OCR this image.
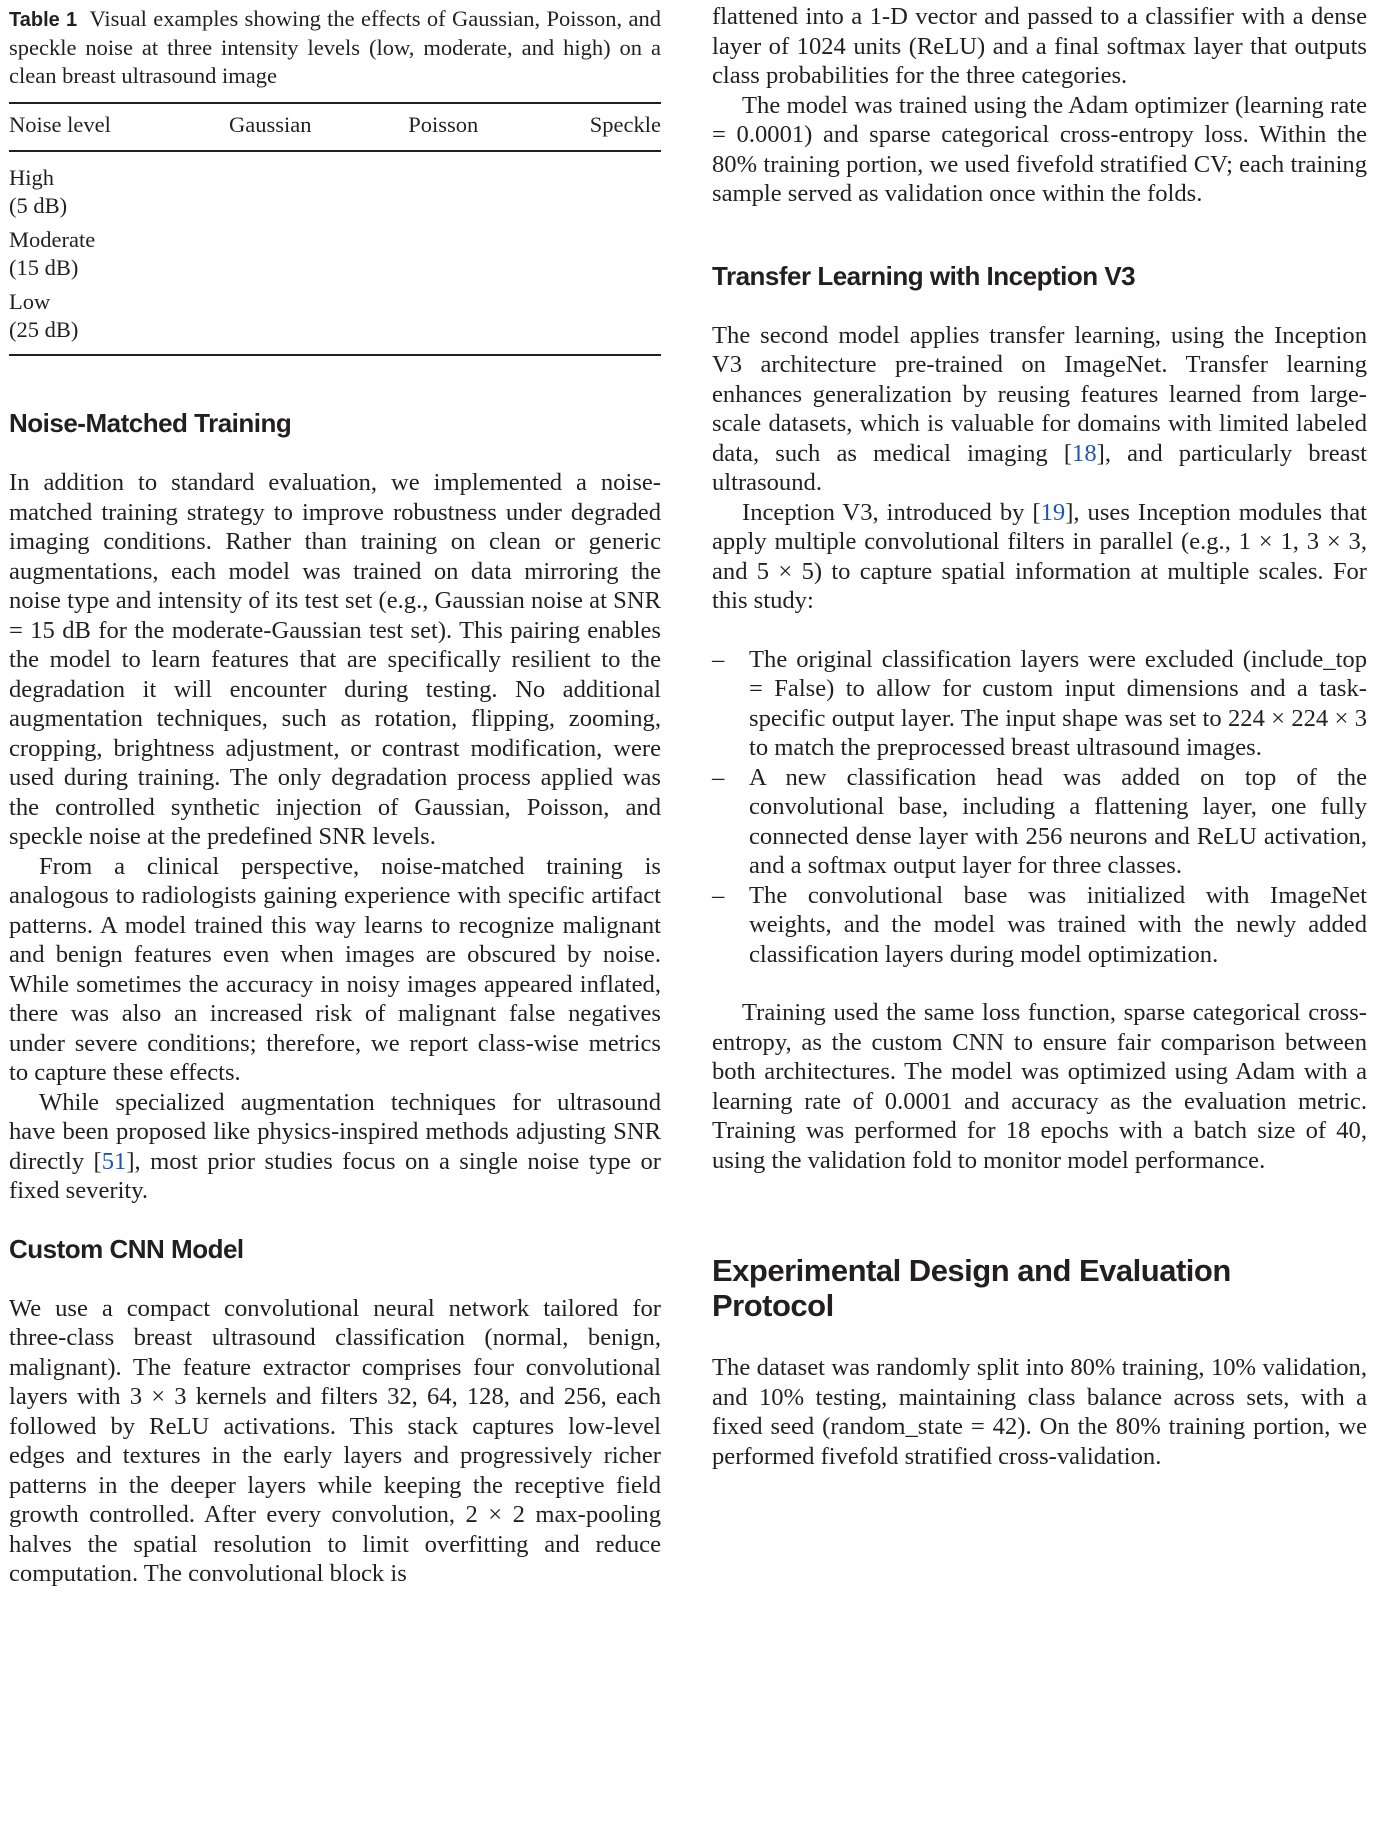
Table 1 Visual examples showing the effects of Gaussian, Poisson, and speckle noise at three intensity levels (low, moderate, and high) on a clean breast ultrasound image
Noise level	Gaussian	Poisson	Speckle

High
(5 dB)			

Moderate
(15 dB)			

Low
(25 dB)			

Noise-Matched Training

In addition to standard evaluation, we implemented a noise-matched training strategy to improve robustness under degraded imaging conditions. Rather than training on clean or generic augmentations, each model was trained on data mirroring the noise type and intensity of its test set (e.g., Gaussian noise at SNR = 15 dB for the moderate-Gaussian test set). This pairing enables the model to learn features that are specifically resilient to the degradation it will encounter during testing. No additional augmentation techniques, such as rotation, flipping, zooming, cropping, brightness adjustment, or contrast modification, were used during training. The only degradation process applied was the controlled synthetic injection of Gaussian, Poisson, and speckle noise at the predefined SNR levels.

From a clinical perspective, noise-matched training is analogous to radiologists gaining experience with specific artifact patterns. A model trained this way learns to recognize malignant and benign features even when images are obscured by noise. While sometimes the accuracy in noisy images appeared inflated, there was also an increased risk of malignant false negatives under severe conditions; therefore, we report class-wise metrics to capture these effects.

While specialized augmentation techniques for ultrasound have been proposed like physics-inspired methods adjusting SNR directly [51], most prior studies focus on a single noise type or fixed severity.

Custom CNN Model

We use a compact convolutional neural network tailored for three-class breast ultrasound classification (normal, benign, malignant). The feature extractor comprises four convolutional layers with 3 × 3 kernels and filters 32, 64, 128, and 256, each followed by ReLU activations. This stack captures low-level edges and textures in the early layers and progressively richer patterns in the deeper layers while keeping the receptive field growth controlled. After every convolution, 2 × 2 max-pooling halves the spatial resolution to limit overfitting and reduce computation. The convolutional block is

flattened into a 1-D vector and passed to a classifier with a dense layer of 1024 units (ReLU) and a final softmax layer that outputs class probabilities for the three categories.

The model was trained using the Adam optimizer (learning rate = 0.0001) and sparse categorical cross-entropy loss. Within the 80% training portion, we used fivefold stratified CV; each training sample served as validation once within the folds.

Transfer Learning with Inception V3

The second model applies transfer learning, using the Inception V3 architecture pre-trained on ImageNet. Transfer learning enhances generalization by reusing features learned from large-scale datasets, which is valuable for domains with limited labeled data, such as medical imaging [18], and particularly breast ultrasound.

Inception V3, introduced by [19], uses Inception modules that apply multiple convolutional filters in parallel (e.g., 1 × 1, 3 × 3, and 5 × 5) to capture spatial information at multiple scales. For this study:

– The original classification layers were excluded (include_top = False) to allow for custom input dimensions and a task-specific output layer. The input shape was set to 224 × 224 × 3 to match the preprocessed breast ultrasound images.
– A new classification head was added on top of the convolutional base, including a flattening layer, one fully connected dense layer with 256 neurons and ReLU activation, and a softmax output layer for three classes.
– The convolutional base was initialized with ImageNet weights, and the model was trained with the newly added classification layers during model optimization.

Training used the same loss function, sparse categorical cross-entropy, as the custom CNN to ensure fair comparison between both architectures. The model was optimized using Adam with a learning rate of 0.0001 and accuracy as the evaluation metric. Training was performed for 18 epochs with a batch size of 40, using the validation fold to monitor model performance.

Experimental Design and Evaluation
Protocol

The dataset was randomly split into 80% training, 10% validation, and 10% testing, maintaining class balance across sets, with a fixed seed (random_state = 42). On the 80% training portion, we performed fivefold stratified cross-validation.
